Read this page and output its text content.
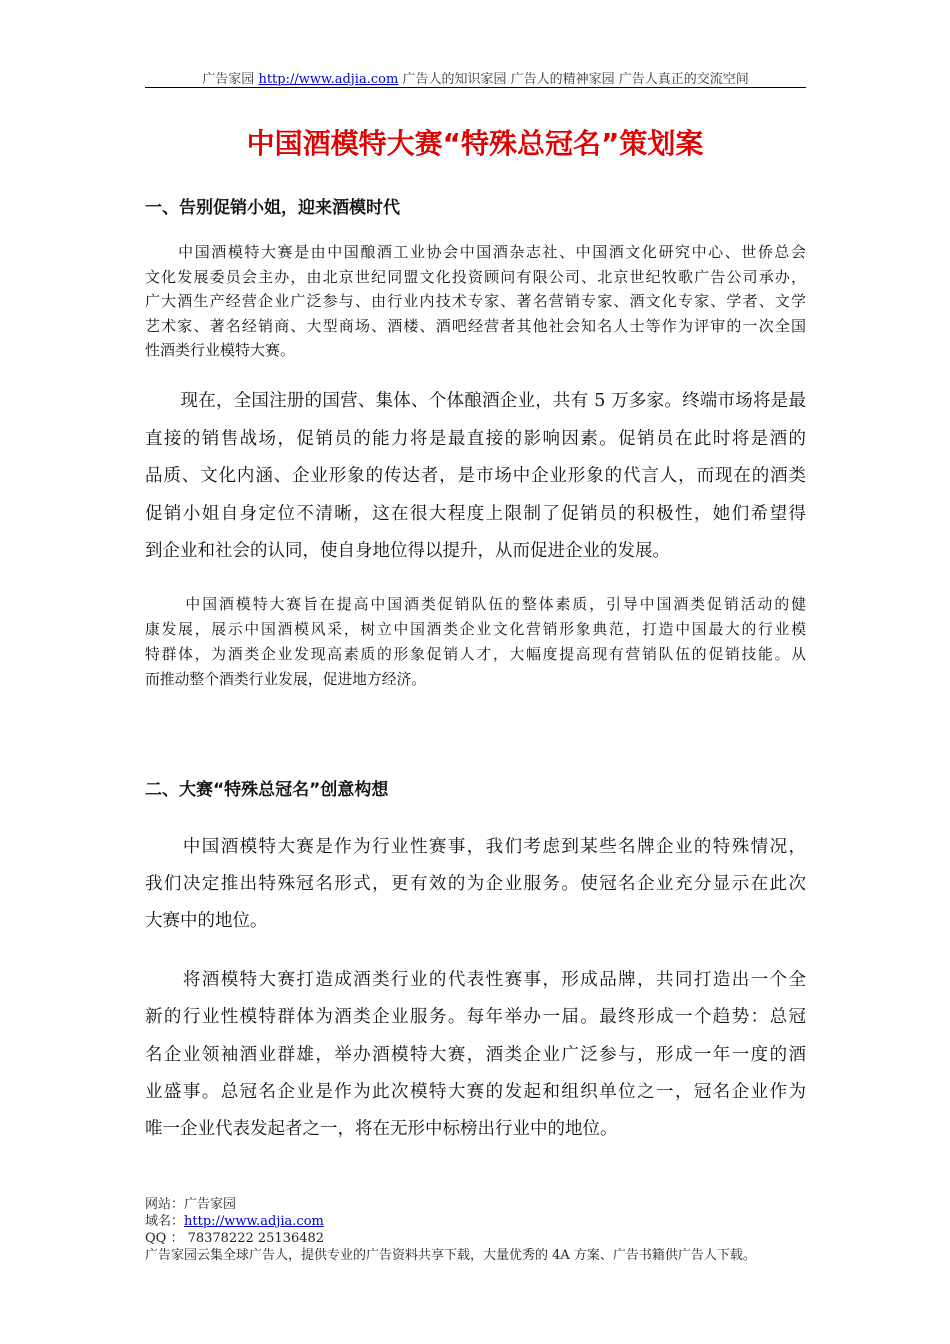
广告家园 http://www.adjia.com 广告人的知识家园 广告人的精神家园 广告人真正的交流空间
中国酒模特大赛“特殊总冠名”策划案
一、告别促销小姐，迎来酒模时代
　　中国酒模特大赛是由中国酿酒工业协会中国酒杂志社、中国酒文化研究中心、世侨总会
文化发展委员会主办，由北京世纪同盟文化投资顾问有限公司、北京世纪牧歌广告公司承办，
广大酒生产经营企业广泛参与、由行业内技术专家、著名营销专家、酒文化专家、学者、文学
艺术家、著名经销商、大型商场、酒楼、酒吧经营者其他社会知名人士等作为评审的一次全国
性酒类行业模特大赛。
　　现在，全国注册的国营、集体、个体酿酒企业，共有 5 万多家。终端市场将是最
直接的销售战场，促销员的能力将是最直接的影响因素。促销员在此时将是酒的
品质、文化内涵、企业形象的传达者，是市场中企业形象的代言人，而现在的酒类
促销小姐自身定位不清晰，这在很大程度上限制了促销员的积极性，她们希望得
到企业和社会的认同，使自身地位得以提升，从而促进企业的发展。
　　 中国酒模特大赛旨在提高中国酒类促销队伍的整体素质，引导中国酒类促销活动的健
康发展，展示中国酒模风采，树立中国酒类企业文化营销形象典范，打造中国最大的行业模
特群体，为酒类企业发现高素质的形象促销人才，大幅度提高现有营销队伍的促销技能。从
而推动整个酒类行业发展，促进地方经济。
二、大赛“特殊总冠名”创意构想
　　中国酒模特大赛是作为行业性赛事，我们考虑到某些名牌企业的特殊情况，
我们决定推出特殊冠名形式，更有效的为企业服务。使冠名企业充分显示在此次
大赛中的地位。
　　将酒模特大赛打造成酒类行业的代表性赛事，形成品牌，共同打造出一个全
新的行业性模特群体为酒类企业服务。每年举办一届。最终形成一个趋势：总冠
名企业领袖酒业群雄，举办酒模特大赛，酒类企业广泛参与，形成一年一度的酒
业盛事。总冠名企业是作为此次模特大赛的发起和组织单位之一，冠名企业作为
唯一企业代表发起者之一，将在无形中标榜出行业中的地位。
网站：广告家园
域名：http://www.adjia.com
QQ ： 78378222 25136482
广告家园云集全球广告人，提供专业的广告资料共享下载，大量优秀的 4A 方案、广告书籍供广告人下载。
